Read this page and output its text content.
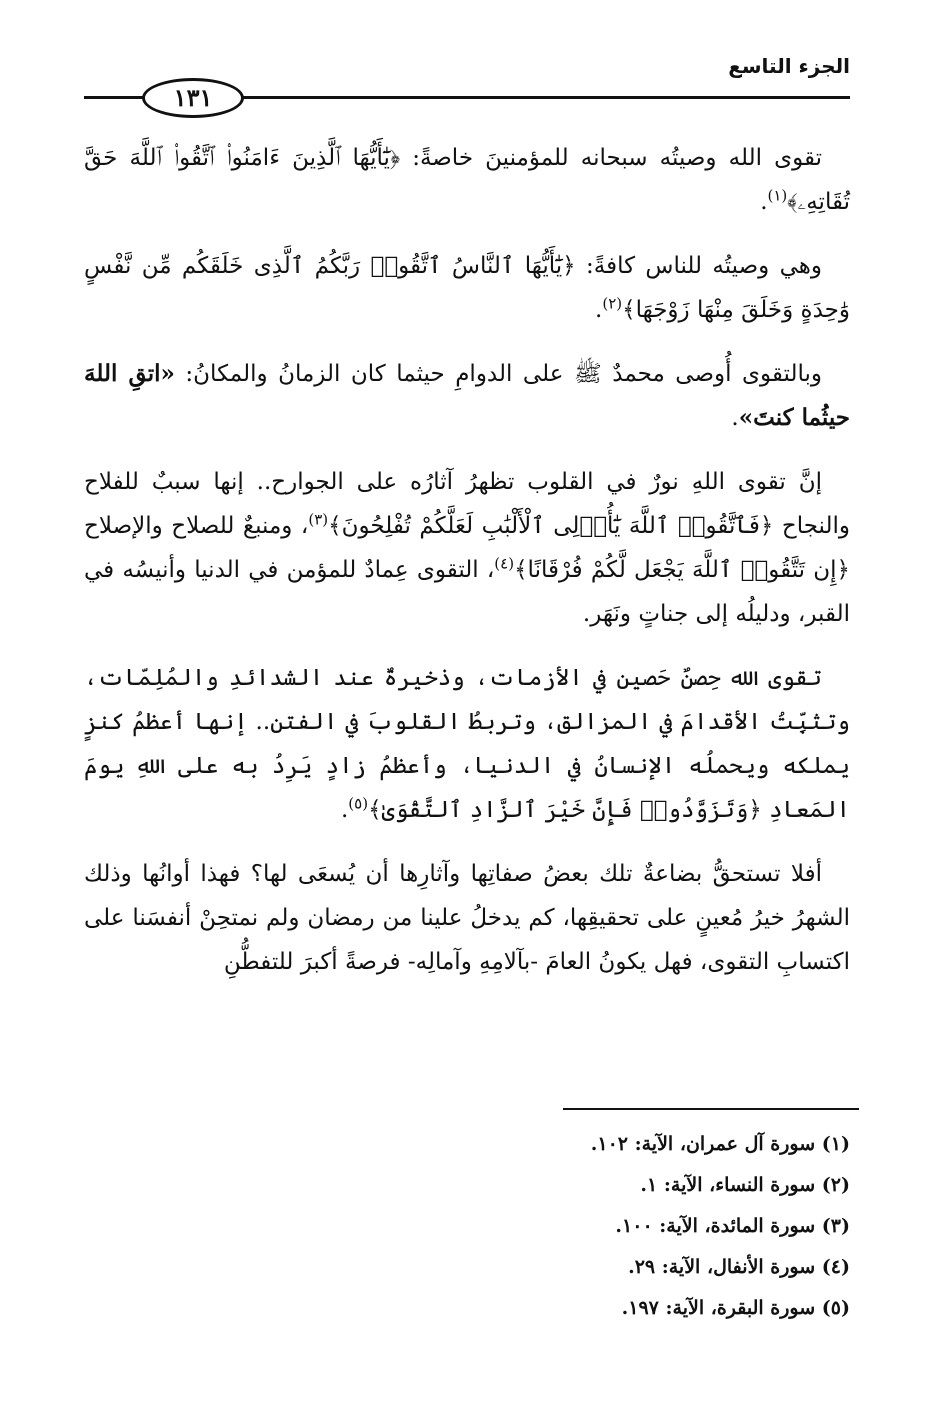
الجزء التاسع
١٣١

تقوى الله وصيتُه سبحانه للمؤمنينَ خاصةً: ﴿يَٰٓأَيُّهَا ٱلَّذِينَ ءَامَنُوا۟ ٱتَّقُوا۟ ٱللَّهَ حَقَّ تُقَاتِهِۦ﴾$^{(١)}$.

وهي وصيتُه للناس كافةً: ﴿يَٰٓأَيُّهَا ٱلنَّاسُ ٱتَّقُوا۟ رَبَّكُمُ ٱلَّذِى خَلَقَكُم مِّن نَّفْسٍ وَٰحِدَةٍ وَخَلَقَ مِنْهَا زَوْجَهَا﴾$^{(٢)}$.

وبالتقوى أُوصى محمدٌ ﷺ على الدوامِ حيثما كان الزمانُ والمكانُ: «اتقِ اللهَ حيثُما كنتَ».

إنَّ تقوى اللهِ نورٌ في القلوب تظهرُ آثارُه على الجوارح.. إنها سببٌ للفلاح والنجاح ﴿فَٱتَّقُوا۟ ٱللَّهَ يَٰٓأُو۟لِى ٱلْأَلْبَٰبِ لَعَلَّكُمْ تُفْلِحُونَ﴾$^{(٣)}$، ومنبعٌ للصلاح والإصلاح ﴿إِن تَتَّقُوا۟ ٱللَّهَ يَجْعَل لَّكُمْ فُرْقَانًا﴾$^{(٤)}$، التقوى عِمادٌ للمؤمن في الدنيا وأنيسُه في القبر، ودليلُه إلى جناتٍ ونَهَر.

تقوى الله حِصنٌ حَصين في الأزمات، وذخيرةٌ عند الشدائدِ والمُلِمّات، وتثبِّتُ الأقدامَ في المزالق، وتربطُ القلوبَ في الفتن.. إنها أعظمُ كنزٍ يملكه ويحملُه الإنسانُ في الدنيا، وأعظمُ زادٍ يَرِدُ به على اللهِ يومَ المَعادِ ﴿وَتَزَوَّدُوا۟ فَإِنَّ خَيْرَ ٱلزَّادِ ٱلتَّقْوَىٰ﴾$^{(٥)}$.

أفلا تستحقُّ بضاعةٌ تلك بعضُ صفاتِها وآثارِها أن يُسعَى لها؟ فهذا أوانُها وذلك الشهرُ خيرُ مُعينٍ على تحقيقِها، كم يدخلُ علينا من رمضان ولم نمتحِنْ أنفسَنا على اكتسابِ التقوى، فهل يكونُ العامَ -بآلامِهِ وآمالِه- فرصةً أكبرَ للتفطُّنِ

(١) سورة آل عمران، الآية: ١٠٢.

(٢) سورة النساء، الآية: ١.

(٣) سورة المائدة، الآية: ١٠٠.

(٤) سورة الأنفال، الآية: ٢٩.

(٥) سورة البقرة، الآية: ١٩٧.
